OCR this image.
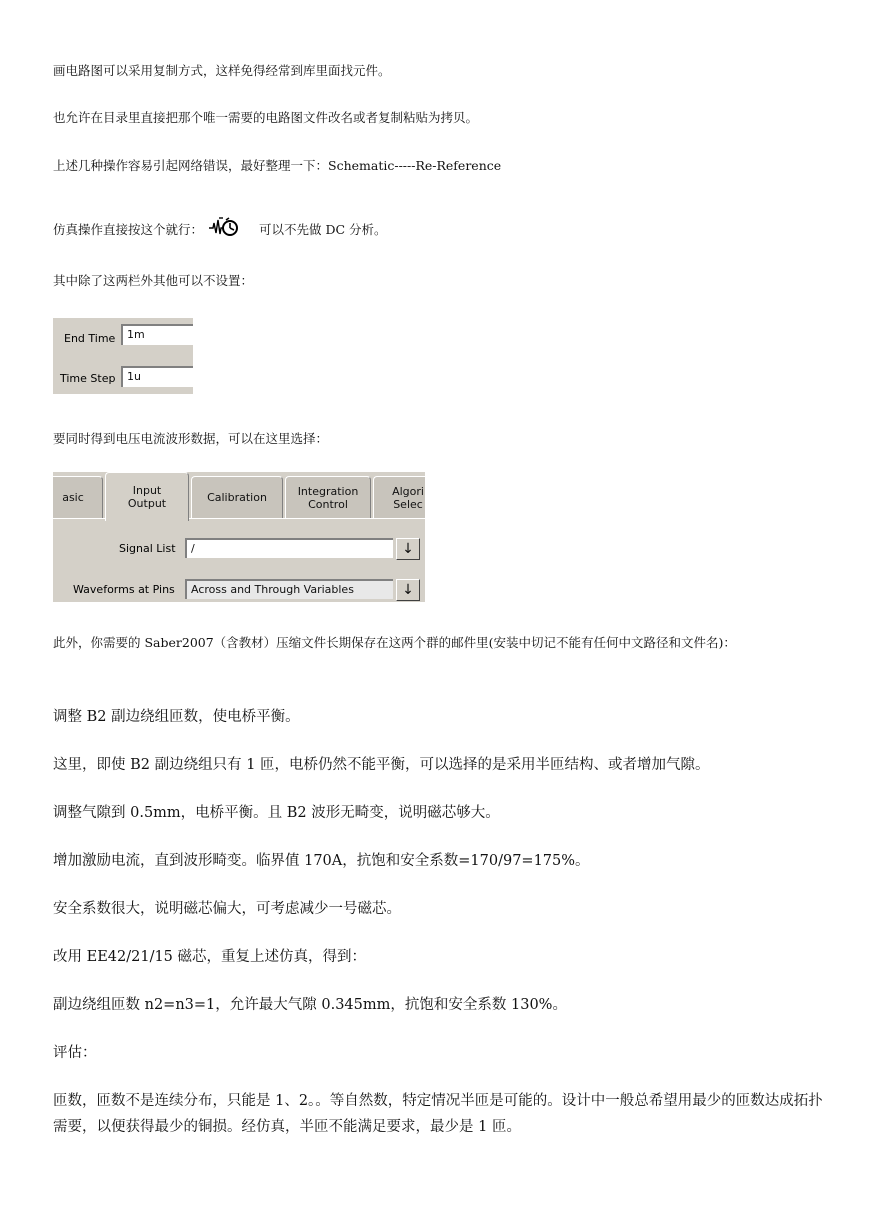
画电路图可以采用复制方式，这样免得经常到库里面找元件。
也允许在目录里直接把那个唯一需要的电路图文件改名或者复制粘贴为拷贝。
上述几种操作容易引起网络错误，最好整理一下：Schematic-----Re-Reference
仿真操作直接按这个就行：	可以不先做 DC 分析。
其中除了这两栏外其他可以不设置：
End Time	1m
Time Step	1u
要同时得到电压电流波形数据，可以在这里选择：
asic
Input
Output	Calibration	Integration
Control
Algori
Selec
Signal List	/	↓
Waveforms at Pins	Across and Through Variables	↓
此外，你需要的 Saber2007（含教材）压缩文件长期保存在这两个群的邮件里(安装中切记不能有任何中文路径和文件名)：
调整 B2 副边绕组匝数，使电桥平衡。
这里，即使 B2 副边绕组只有 1 匝，电桥仍然不能平衡，可以选择的是采用半匝结构、或者增加气隙。
调整气隙到 0.5mm，电桥平衡。且 B2 波形无畸变，说明磁芯够大。
增加激励电流，直到波形畸变。临界值 170A，抗饱和安全系数=170/97=175%。
安全系数很大，说明磁芯偏大，可考虑减少一号磁芯。
改用 EE42/21/15 磁芯，重复上述仿真，得到：
副边绕组匝数 n2=n3=1，允许最大气隙 0.345mm，抗饱和安全系数 130%。
评估：
匝数，匝数不是连续分布，只能是 1、2。。等自然数，特定情况半匝是可能的。设计中一般总希望用最少的匝数达成拓扑需要，以便获得最少的铜损。经仿真，半匝不能满足要求，最少是 1 匝。
